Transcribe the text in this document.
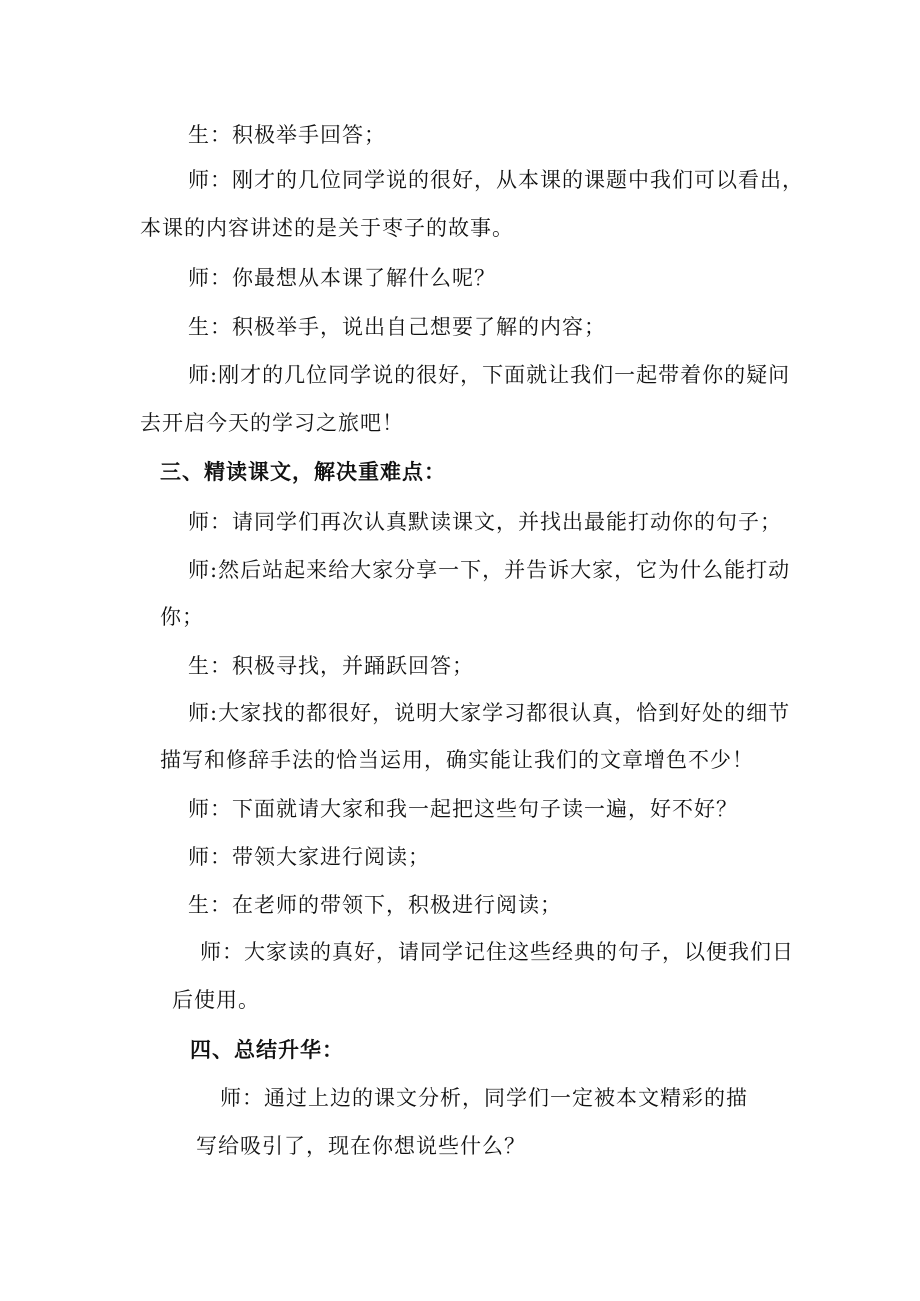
生：积极举手回答；
师：刚才的几位同学说的很好，从本课的课题中我们可以看出，
本课的内容讲述的是关于枣子的故事。
师：你最想从本课了解什么呢？
生：积极举手，说出自己想要了解的内容；
师:刚才的几位同学说的很好，下面就让我们一起带着你的疑问
去开启今天的学习之旅吧！
三、精读课文，解决重难点：
师：请同学们再次认真默读课文，并找出最能打动你的句子；
师:然后站起来给大家分享一下，并告诉大家，它为什么能打动
你；
生：积极寻找，并踊跃回答；
师:大家找的都很好，说明大家学习都很认真，恰到好处的细节
描写和修辞手法的恰当运用，确实能让我们的文章增色不少！
师：下面就请大家和我一起把这些句子读一遍，好不好？
师：带领大家进行阅读；
生：在老师的带领下，积极进行阅读；
师：大家读的真好，请同学记住这些经典的句子，以便我们日
后使用。
四、总结升华：
师：通过上边的课文分析，同学们一定被本文精彩的描
写给吸引了，现在你想说些什么？
